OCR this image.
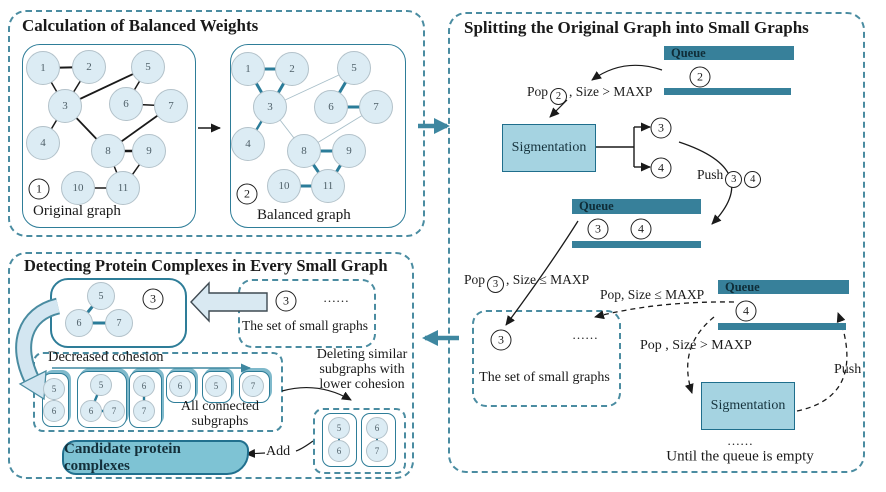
Calculation of Balanced Weights
1	2	5
3	6	7
4
8	9
10	11
1
Original graph
1	2	5
3	6	7
4
8	9
10	11
2
Balanced graph
Splitting the Original Graph into Small Graphs
Queue
2
Pop 2 , Size > MAXP
Sigmentation
3
4	Push 3 4
Queue
3	4
Pop 3 , Size ≤ MAXP
Pop, Size ≤ MAXP
Queue
4
3	……
The set of small graphs
Pop , Size > MAXP
Push
Sigmentation
……
Until the queue is empty
Detecting Protein Complexes in Every Small Graph
5
6	7
3	3	……
The set of small graphs
Decreased cohesion
5
6
5
6	7
6
7
6	5	7
All connected
subgraphs
Deleting similar
subgraphs with
lower cohesion
5
6
6
7
Add
Candidate protein complexes
